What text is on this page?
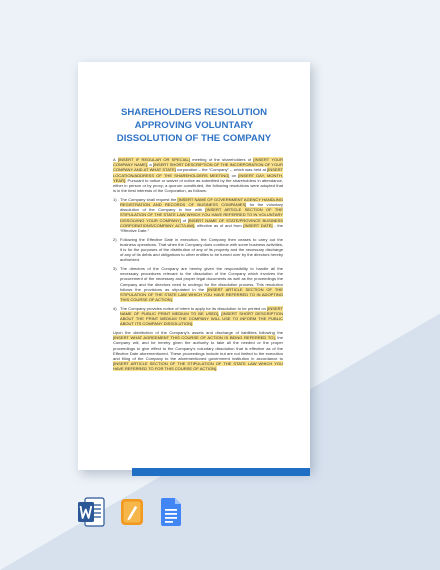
SHAREHOLDERS RESOLUTION
APPROVING VOLUNTARY
DISSOLUTION OF THE COMPANY

A [INSERT IF REGULAR OR SPECIAL] meeting of the shareholders of [INSERT YOUR COMPANY NAME], a [INSERT SHORT DESCRIPTION OF THE INCORPORATION OF YOUR COMPANY AND AT WHAT STATE] corporation – the “Company” -, which was held at [INSERT LOCATION/ADDRESS OF THE SHAREHOLDERS MEETING] on [INSERT DAY, MONTH, YEAR]. Pursuant to notice or waiver of notice as submitted by the shareholders in attendance, either in person or by proxy; a quorum constituted, the following resolutions were adopted that is in the best interests of the Corporation, as follows:

1) The Company shall request the [INSERT NAME OF GOVERNMENT AGENCY HANDLING REGISTRATION AND RECORDS OF BUSINESS COMPANIES] for the voluntary dissolution of the Company in line with [INSERT ARTICLE SECTION OF THE STIPULATION OF THE STATE LAW WHICH YOU HAVE REFERRED TO IN VOLUNTARY DISSOLVING YOUR COMPANY] of [INSERT NAME OF STATE/PROVINCE BUSINESS CORPORATIONS/COMPANY ACT/LAW], effective as of and from [INSERT DATE] - the “Effective Date.”

2) Following the Effective Date in execution, the Company then ceases to carry out the business operations. That when the Company does continue with some business activities, it is for the purposes of the distribution of any of its property and the necessary discharge of any of its debts and obligations to other entities to be turned over by the directors hereby authorized.

3) The directors of the Company are hereby given the responsibility to handle all the necessary procedures relevant to the dissolution of the Company which involves the procurement of the necessary and proper legal documents as well as the proceedings the Company and the directors need to undergo for the dissolution process. This resolution follows the provisions as stipulated in the [INSERT ARTICLE SECTION OF THE STIPULATION OF THE STATE LAW WHICH YOU HAVE REFERRED TO IN ADOPTING THIS COURSE OF ACTION].

4) The Company provides notice of intent to apply for its dissolution to be printed on [INSERT NAME OF PUBLIC PRINT MEDIUM TO BE USED], [INSERT SHORT DESCRIPTION ABOUT THE PRINT MEDIUM THE COMPANY WILL USE TO INFORM THE PUBLIC ABOUT ITS COMPANY DISSOLUTION].

Upon the distribution of the Company’s assets and discharge of liabilities following the [INSERT WHAT AGREEMENT THIS COURSE OF ACTION IS BEING REFERRED TO], the Company will, and be hereby given the authority to take all the needed or the proper proceedings to give effect to the Company’s voluntary dissolution that is effective as of the Effective Date aforementioned. These proceedings include but are not limited to the execution and filing of the Company to the aforementioned government institution in accordance to [INSERT ARTICLE SECTION OF THE STIPULATION OF THE STATE LAW WHICH YOU HAVE REFERRED TO FOR THIS COURSE OF ACTION].
